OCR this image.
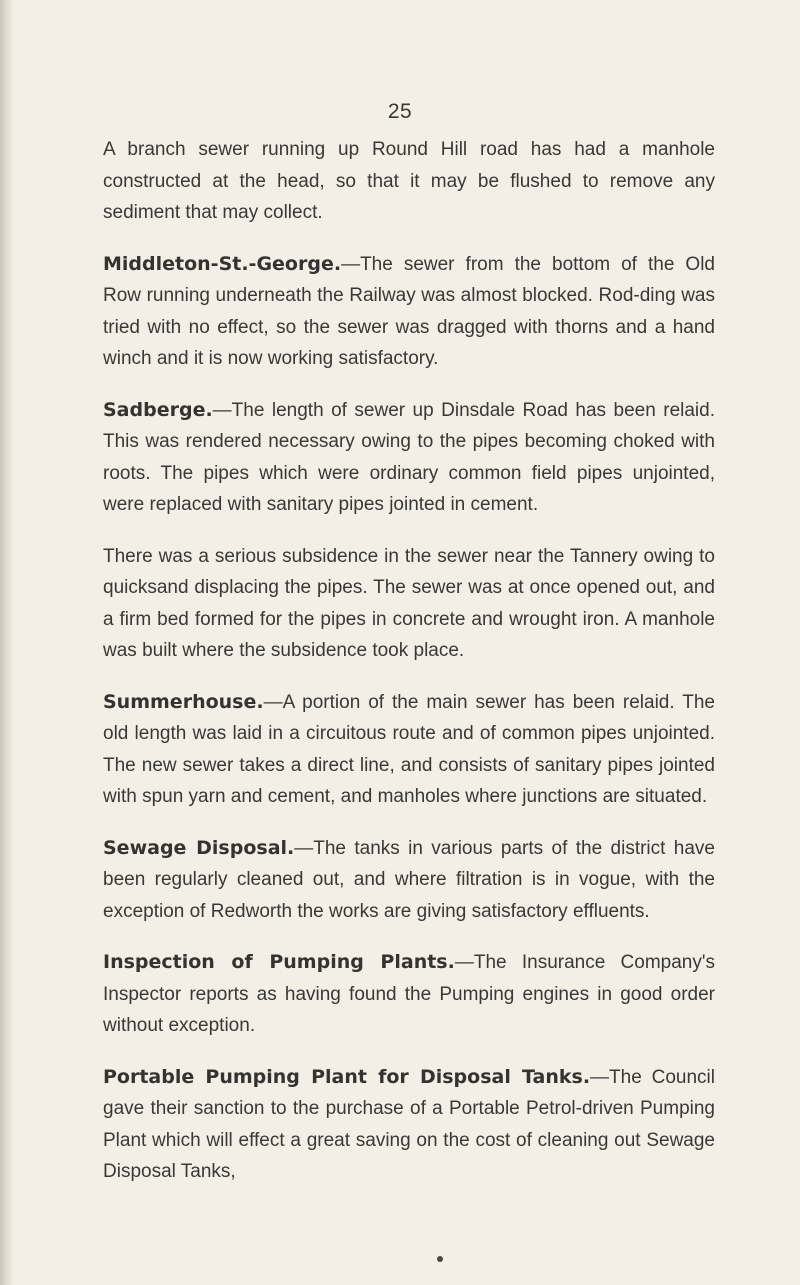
25

A branch sewer running up Round Hill road has had a manhole constructed at the head, so that it may be flushed to remove any sediment that may collect.

Middleton-St.-George.—The sewer from the bottom of the Old Row running underneath the Railway was almost blocked. Rod-ding was tried with no effect, so the sewer was dragged with thorns and a hand winch and it is now working satisfactory.

Sadberge.—The length of sewer up Dinsdale Road has been relaid. This was rendered necessary owing to the pipes becoming choked with roots. The pipes which were ordinary common field pipes unjointed, were replaced with sanitary pipes jointed in cement.

There was a serious subsidence in the sewer near the Tannery owing to quicksand displacing the pipes. The sewer was at once opened out, and a firm bed formed for the pipes in concrete and wrought iron. A manhole was built where the subsidence took place.

Summerhouse.—A portion of the main sewer has been relaid. The old length was laid in a circuitous route and of common pipes unjointed. The new sewer takes a direct line, and consists of sanitary pipes jointed with spun yarn and cement, and manholes where junctions are situated.

Sewage Disposal.—The tanks in various parts of the district have been regularly cleaned out, and where filtration is in vogue, with the exception of Redworth the works are giving satisfactory effluents.

Inspection of Pumping Plants.—The Insurance Company's Inspector reports as having found the Pumping engines in good order without exception.

Portable Pumping Plant for Disposal Tanks.—The Council gave their sanction to the purchase of a Portable Petrol-driven Pumping Plant which will effect a great saving on the cost of cleaning out Sewage Disposal Tanks,
